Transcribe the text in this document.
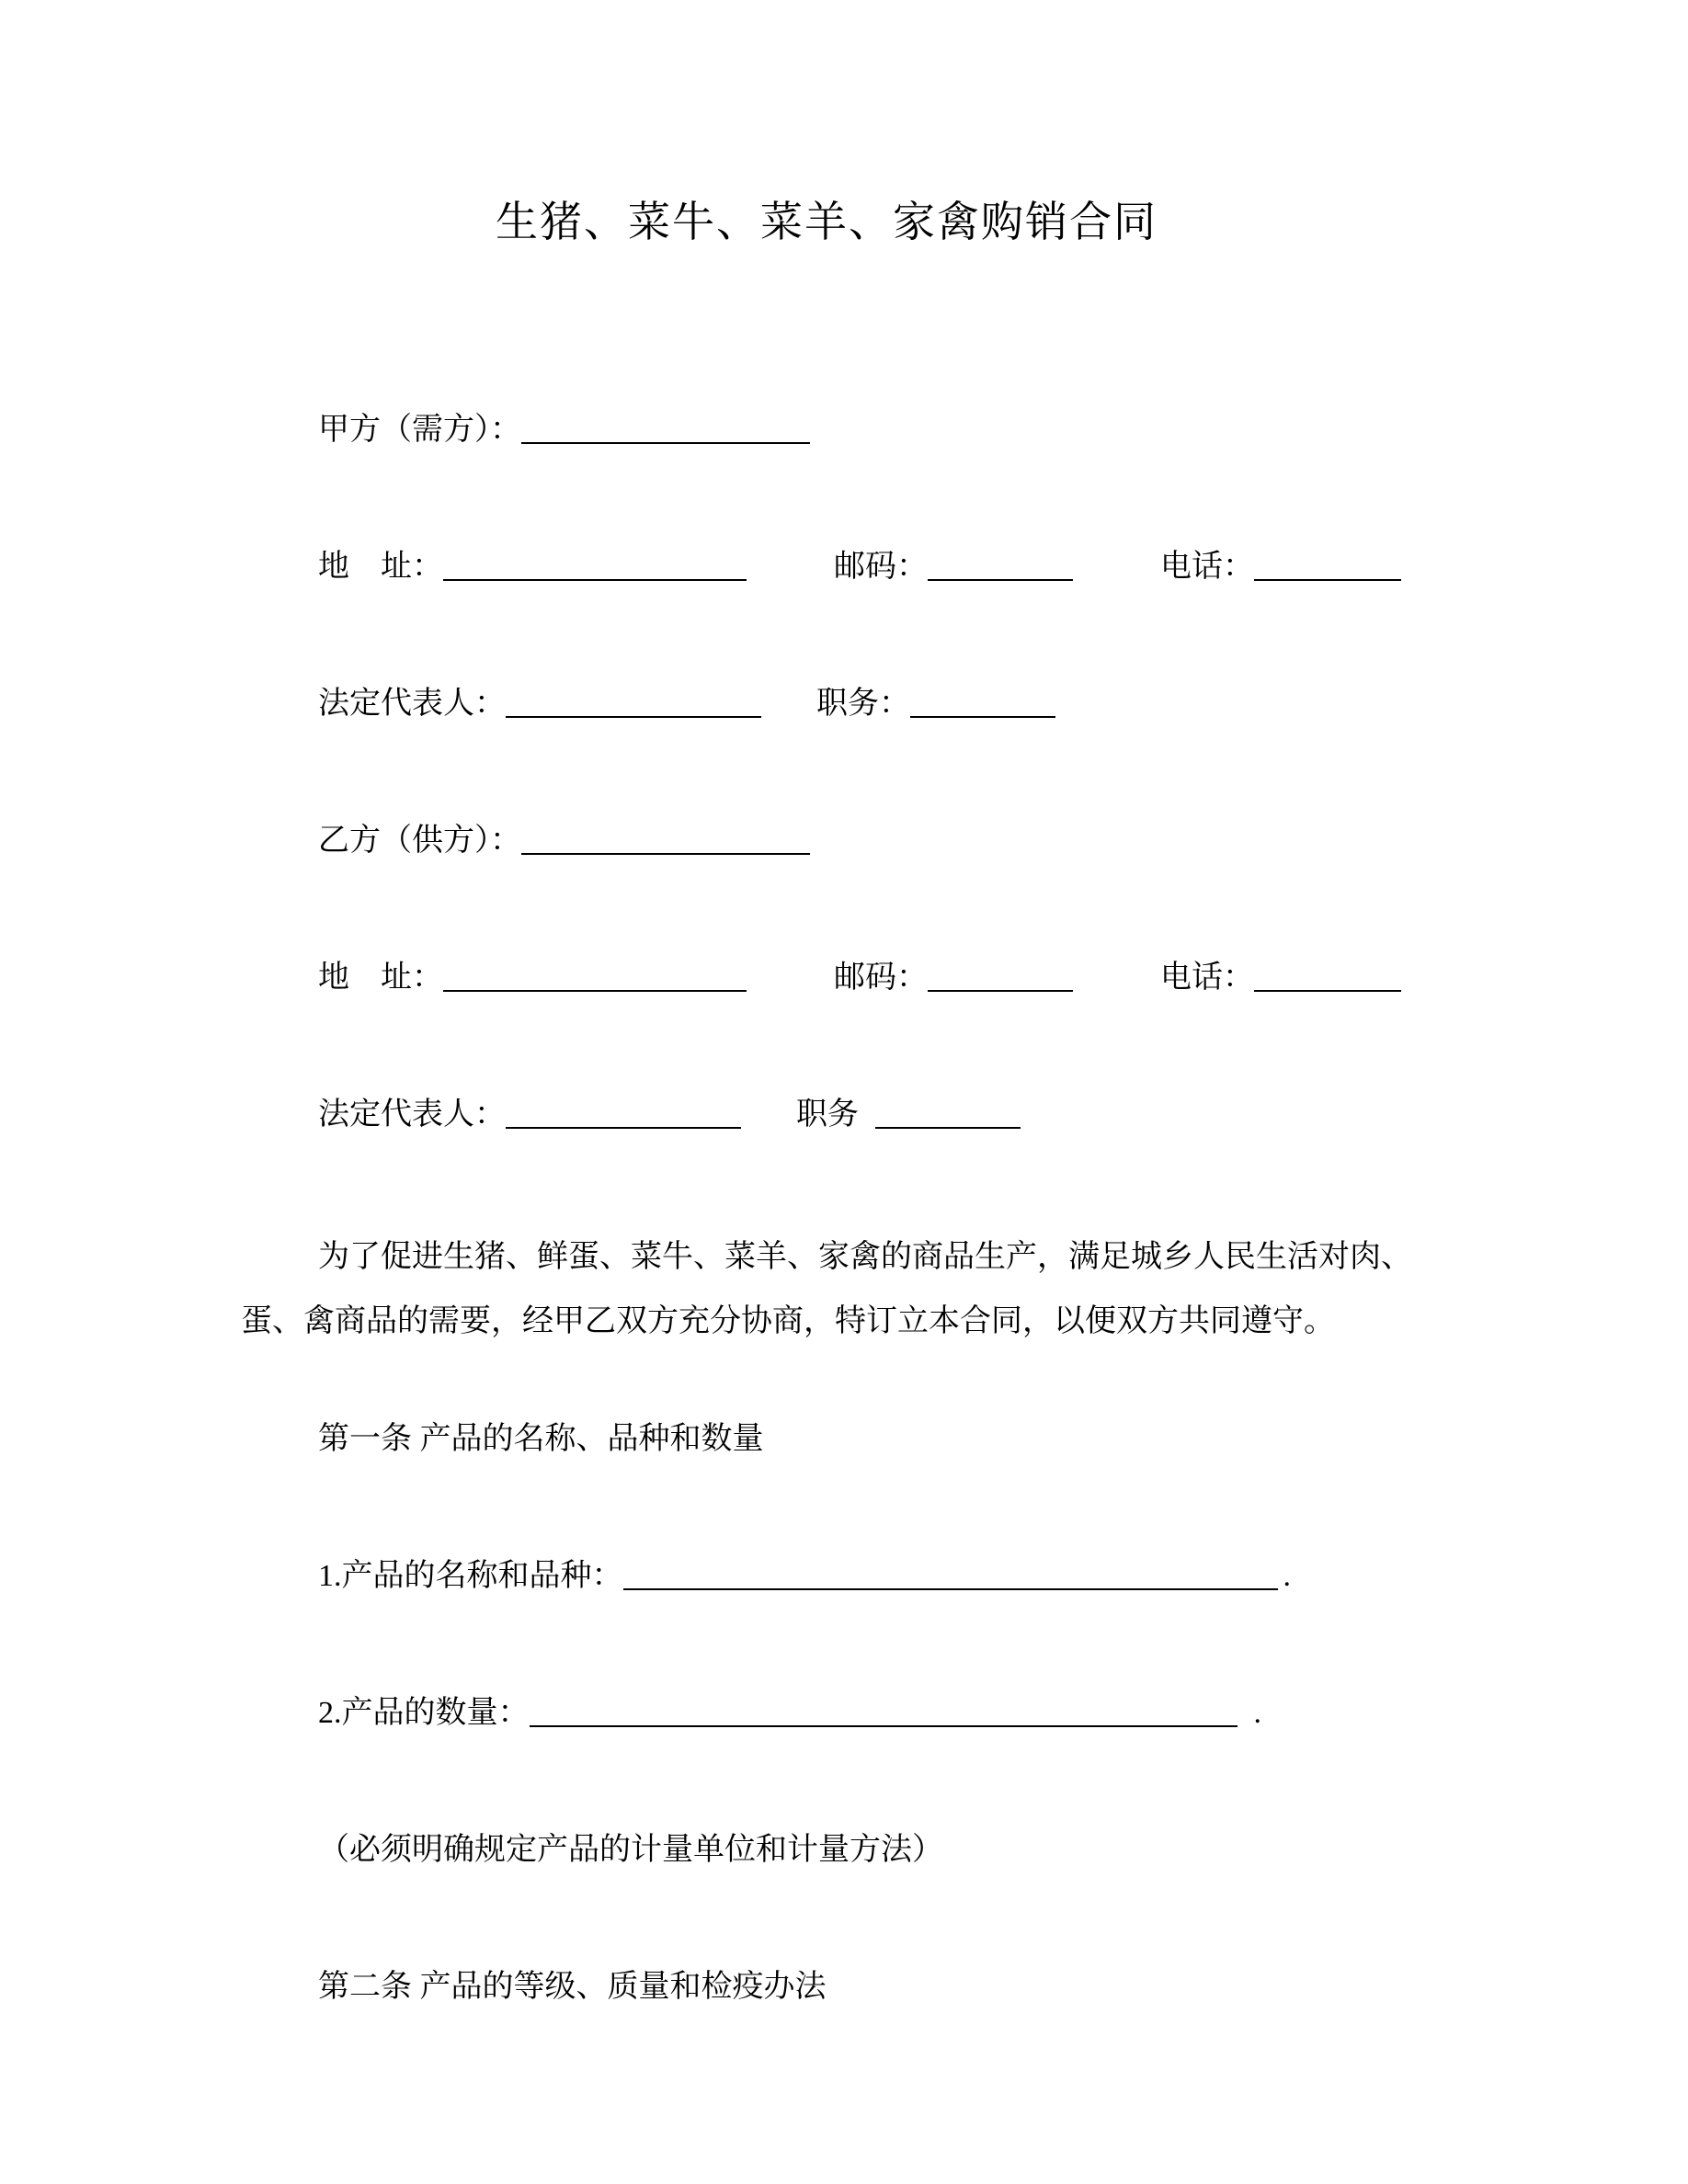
生猪、菜牛、菜羊、家禽购销合同
甲方（需方）：
地　址：	邮码：	电话：
法定代表人：	职务：
乙方（供方）：
地　址：	邮码：	电话：
法定代表人：	职务

为了促进生猪、鲜蛋、菜牛、菜羊、家禽的商品生产，满足城乡人民生活对肉、蛋、禽商品的需要，经甲乙双方充分协商，特订立本合同，以便双方共同遵守。

第一条 产品的名称、品种和数量
1.产品的名称和品种：	.
2.产品的数量：	.
（必须明确规定产品的计量单位和计量方法）
第二条 产品的等级、质量和检疫办法
